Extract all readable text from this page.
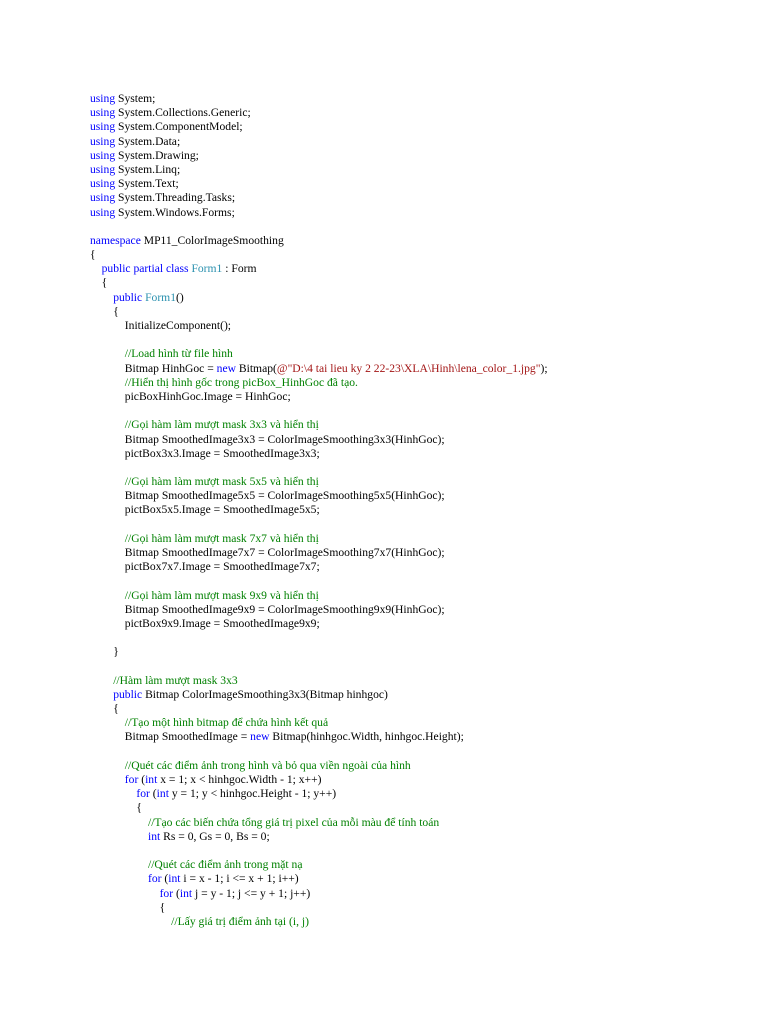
using System;
using System.Collections.Generic;
using System.ComponentModel;
using System.Data;
using System.Drawing;
using System.Linq;
using System.Text;
using System.Threading.Tasks;
using System.Windows.Forms;
namespace MP11_ColorImageSmoothing
{
public partial class Form1 : Form
{
public Form1()
{
InitializeComponent();
//Load hình từ file hình
Bitmap HinhGoc = new Bitmap(@"D:\4 tai lieu ky 2 22-23\XLA\Hinh\lena_color_1.jpg");
//Hiển thị hình gốc trong picBox_HinhGoc đã tạo.
picBoxHinhGoc.Image = HinhGoc;
//Gọi hàm làm mượt mask 3x3 và hiển thị
Bitmap SmoothedImage3x3 = ColorImageSmoothing3x3(HinhGoc);
pictBox3x3.Image = SmoothedImage3x3;
//Gọi hàm làm mượt mask 5x5 và hiển thị
Bitmap SmoothedImage5x5 = ColorImageSmoothing5x5(HinhGoc);
pictBox5x5.Image = SmoothedImage5x5;
//Gọi hàm làm mượt mask 7x7 và hiển thị
Bitmap SmoothedImage7x7 = ColorImageSmoothing7x7(HinhGoc);
pictBox7x7.Image = SmoothedImage7x7;
//Gọi hàm làm mượt mask 9x9 và hiển thị
Bitmap SmoothedImage9x9 = ColorImageSmoothing9x9(HinhGoc);
pictBox9x9.Image = SmoothedImage9x9;
}
//Hàm làm mượt mask 3x3
public Bitmap ColorImageSmoothing3x3(Bitmap hinhgoc)
{
//Tạo một hình bitmap để chứa hình kết quả
Bitmap SmoothedImage = new Bitmap(hinhgoc.Width, hinhgoc.Height);
//Quét các điểm ảnh trong hình và bỏ qua viền ngoài của hình
for (int x = 1; x < hinhgoc.Width - 1; x++)
for (int y = 1; y < hinhgoc.Height - 1; y++)
{
//Tạo các biến chứa tổng giá trị pixel của mỗi màu để tính toán
int Rs = 0, Gs = 0, Bs = 0;
//Quét các điểm ảnh trong mặt nạ
for (int i = x - 1; i <= x + 1; i++)
for (int j = y - 1; j <= y + 1; j++)
{
//Lấy giá trị điểm ảnh tại (i, j)
